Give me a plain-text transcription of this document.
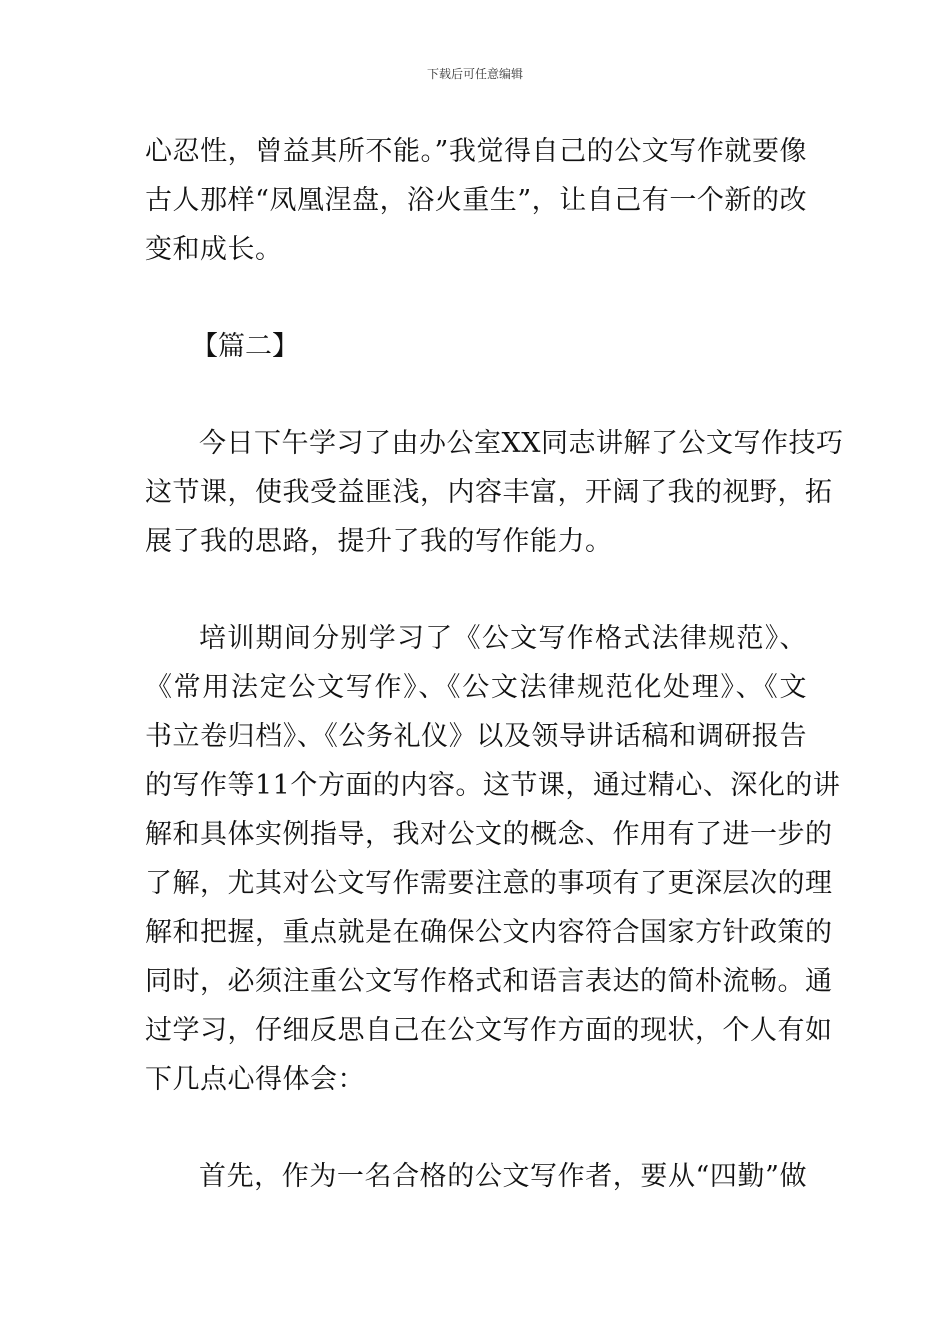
下载后可任意编辑

心忍性，曾益其所不能。”我觉得自己的公文写作就要像
古人那样“凤凰涅盘，浴火重生”，让自己有一个新的改
变和成长。

【篇二】

今日下午学习了由办公室XX同志讲解了公文写作技巧
这节课，使我受益匪浅，内容丰富，开阔了我的视野，拓
展了我的思路，提升了我的写作能力。

培训期间分别学习了《公文写作格式法律规范》、
《常用法定公文写作》、《公文法律规范化处理》、《文
书立卷归档》、《公务礼仪》以及领导讲话稿和调研报告
的写作等11个方面的内容。这节课，通过精心、深化的讲
解和具体实例指导，我对公文的概念、作用有了进一步的
了解，尤其对公文写作需要注意的事项有了更深层次的理
解和把握，重点就是在确保公文内容符合国家方针政策的
同时，必须注重公文写作格式和语言表达的简朴流畅。通
过学习，仔细反思自己在公文写作方面的现状，个人有如
下几点心得体会：

首先，作为一名合格的公文写作者，要从“四勤”做
